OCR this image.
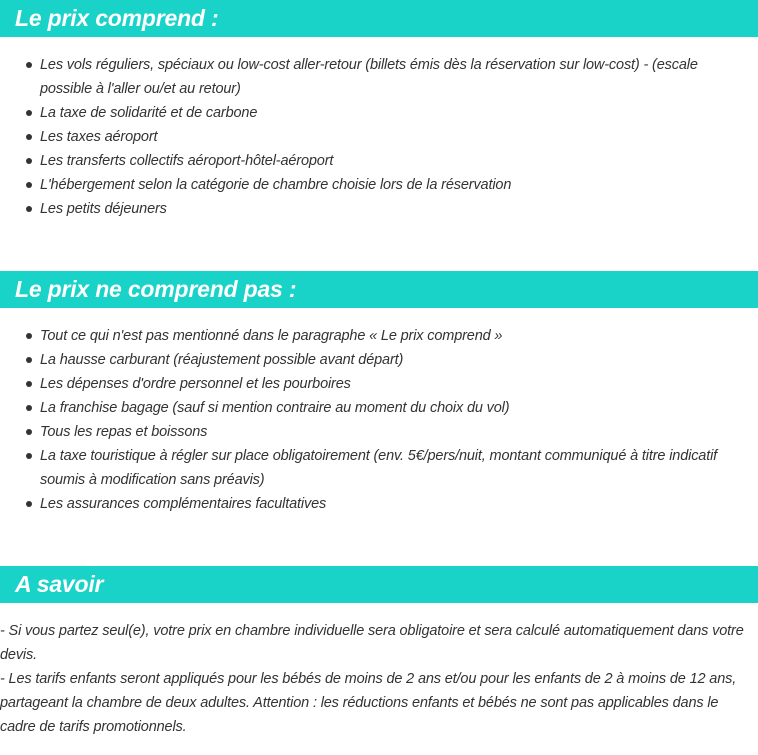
Le prix comprend :
Les vols réguliers, spéciaux ou low-cost aller-retour (billets émis dès la réservation sur low-cost) - (escale possible à l'aller ou/et au retour)
La taxe de solidarité et de carbone
Les taxes aéroport
Les transferts collectifs aéroport-hôtel-aéroport
L'hébergement selon la catégorie de chambre choisie lors de la réservation
Les petits déjeuners
Le prix ne comprend pas :
Tout ce qui n'est pas mentionné dans le paragraphe « Le prix comprend »
La hausse carburant (réajustement possible avant départ)
Les dépenses d'ordre personnel et les pourboires
La franchise bagage (sauf si mention contraire au moment du choix du vol)
Tous les repas et boissons
La taxe touristique à régler sur place obligatoirement (env. 5€/pers/nuit, montant communiqué à titre indicatif soumis à modification sans préavis)
Les assurances complémentaires facultatives
A savoir

- Si vous partez seul(e), votre prix en chambre individuelle sera obligatoire et sera calculé automatiquement dans votre devis.

- Les tarifs enfants seront appliqués pour les bébés de moins de 2 ans et/ou pour les enfants de 2 à moins de 12 ans, partageant la chambre de deux adultes. Attention : les réductions enfants et bébés ne sont pas applicables dans le cadre de tarifs promotionnels.
